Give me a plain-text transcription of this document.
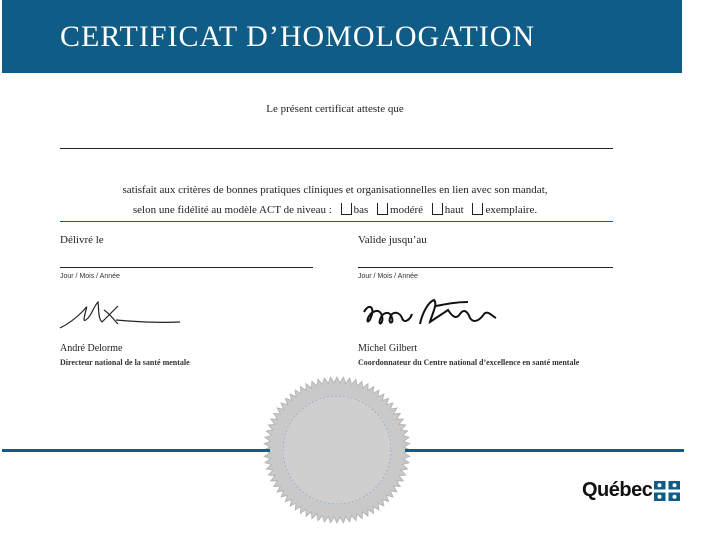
CERTIFICAT D’HOMOLOGATION
Le présent certificat atteste que
satisfait aux critères de bonnes pratiques cliniques et organisationnelles en lien avec son mandat,
selon une fidélité au modèle ACT de niveau : bas modéré haut exemplaire.
Délivré le
Jour / Mois / Année
André Delorme
Directeur national de la santé mentale
Valide jusqu’au
Jour / Mois / Année
Michel Gilbert
Coordonnateur du Centre national d’excellence en santé mentale
Québec
